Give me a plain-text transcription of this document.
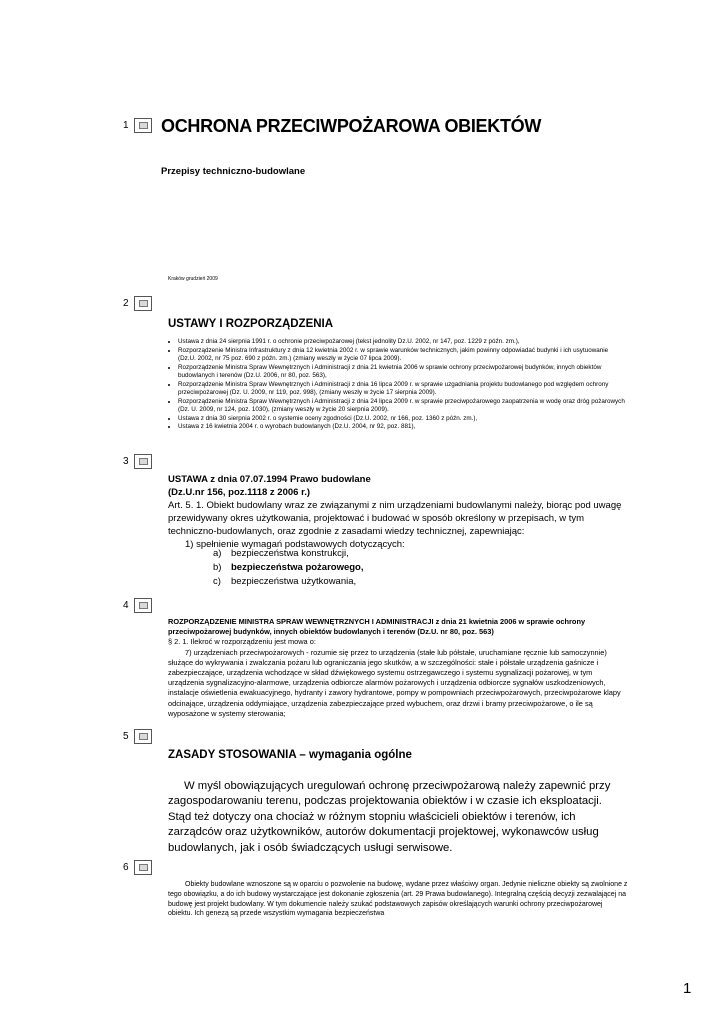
1 OCHRONA PRZECIWPOŻAROWA OBIEKTÓW
Przepisy techniczno-budowlane
Kraków grudzień 2009
2
USTAWY I ROZPORZĄDZENIA
• Ustawa z dnia 24 sierpnia 1991 r. o ochronie przeciwpożarowej (tekst jednolity Dz.U. 2002, nr 147, poz. 1229 z późn. zm.),
• Rozporządzenie Ministra Infrastruktury z dnia 12 kwietnia 2002 r. w sprawie warunków technicznych, jakim powinny odpowiadać budynki i ich usytuowanie (Dz.U. 2002, nr 75 poz. 690 z późn. zm.) (zmiany weszły w życie 07 lipca 2009).
• Rozporządzenie Ministra Spraw Wewnętrznych i Administracji z dnia 21 kwietnia 2006 w sprawie ochrony przeciwpożarowej budynków, innych obiektów budowlanych i terenów (Dz.U. 2006, nr 80, poz. 563),
• Rozporządzenie Ministra Spraw Wewnętrznych i Administracji z dnia 16 lipca 2009 r. w sprawie uzgadniania projektu budowlanego pod względem ochrony przeciwpożarowej (Dz. U. 2009, nr 119, poz. 998), (zmiany weszły w życie 17 sierpnia 2009).
• Rozporządzenie Ministra Spraw Wewnętrznych i Administracji z dnia 24 lipca 2009 r. w sprawie przeciwpożarowego zaopatrzenia w wodę oraz dróg pożarowych (Dz. U. 2009, nr 124, poz. 1030), (zmiany weszły w życie 20 sierpnia 2009).
• Ustawa z dnia 30 sierpnia 2002 r. o systemie oceny zgodności (Dz.U. 2002, nr 166, poz. 1360 z późn. zm.),
• Ustawa z 16 kwietnia 2004 r. o wyrobach budowlanych (Dz.U. 2004, nr 92, poz. 881),
3
USTAWA z dnia 07.07.1994 Prawo budowlane
(Dz.U.nr 156, poz.1118 z 2006 r.)
Art. 5. 1. Obiekt budowlany wraz ze związanymi z nim urządzeniami budowlanymi należy, biorąc pod uwagę przewidywany okres użytkowania, projektować i budować w sposób określony w przepisach, w tym techniczno-budowlanych, oraz zgodnie z zasadami wiedzy technicznej, zapewniając:
1) spełnienie wymagań podstawowych dotyczących:
a) bezpieczeństwa konstrukcji,
b) bezpieczeństwa pożarowego,
c) bezpieczeństwa użytkowania,
4
ROZPORZĄDZENIE MINISTRA SPRAW WEWNĘTRZNYCH I ADMINISTRACJI z dnia 21 kwietnia 2006 w sprawie ochrony przeciwpożarowej budynków, innych obiektów budowlanych i terenów (Dz.U. nr 80, poz. 563)
§ 2. 1. Ilekroć w rozporządzeniu jest mowa o:
7) urządzeniach przeciwpożarowych - rozumie się przez to urządzenia (stałe lub półstałe, uruchamiane ręcznie lub samoczynnie) służące do wykrywania i zwalczania pożaru lub ograniczania jego skutków, a w szczególności: stałe i półstałe urządzenia gaśnicze i zabezpieczające, urządzenia wchodzące w skład dźwiękowego systemu ostrzegawczego i systemu sygnalizacji pożarowej, w tym urządzenia sygnalizacyjno-alarmowe, urządzenia odbiorcze alarmów pożarowych i urządzenia odbiorcze sygnałów uszkodzeniowych, instalacje oświetlenia ewakuacyjnego, hydranty i zawory hydrantowe, pompy w pompowniach przeciwpożarowych, przeciwpożarowe klapy odcinające, urządzenia oddymiające, urządzenia zabezpieczające przed wybuchem, oraz drzwi i bramy przeciwpożarowe, o ile są wyposażone w systemy sterowania;
5
ZASADY STOSOWANIA – wymagania ogólne
W myśl obowiązujących uregulowań ochronę przeciwpożarową należy zapewnić przy zagospodarowaniu terenu, podczas projektowania obiektów i w czasie ich eksploatacji. Stąd też dotyczy ona chociaż w różnym stopniu właścicieli obiektów i terenów, ich zarządców oraz użytkowników, autorów dokumentacji projektowej, wykonawców usług budowlanych, jak i osób świadczących usługi serwisowe.
6
Obiekty budowlane wznoszone są w oparciu o pozwolenie na budowę, wydane przez właściwy organ. Jedynie nieliczne obiekty są zwolnione z tego obowiązku, a do ich budowy wystarczające jest dokonanie zgłoszenia (art. 29 Prawa budowlanego). Integralną częścią decyzji zezwalającej na budowę jest projekt budowlany. W tym dokumencie należy szukać podstawowych zapisów określających warunki ochrony przeciwpożarowej obiektu. Ich genezą są przede wszystkim wymagania bezpieczeństwa
1
